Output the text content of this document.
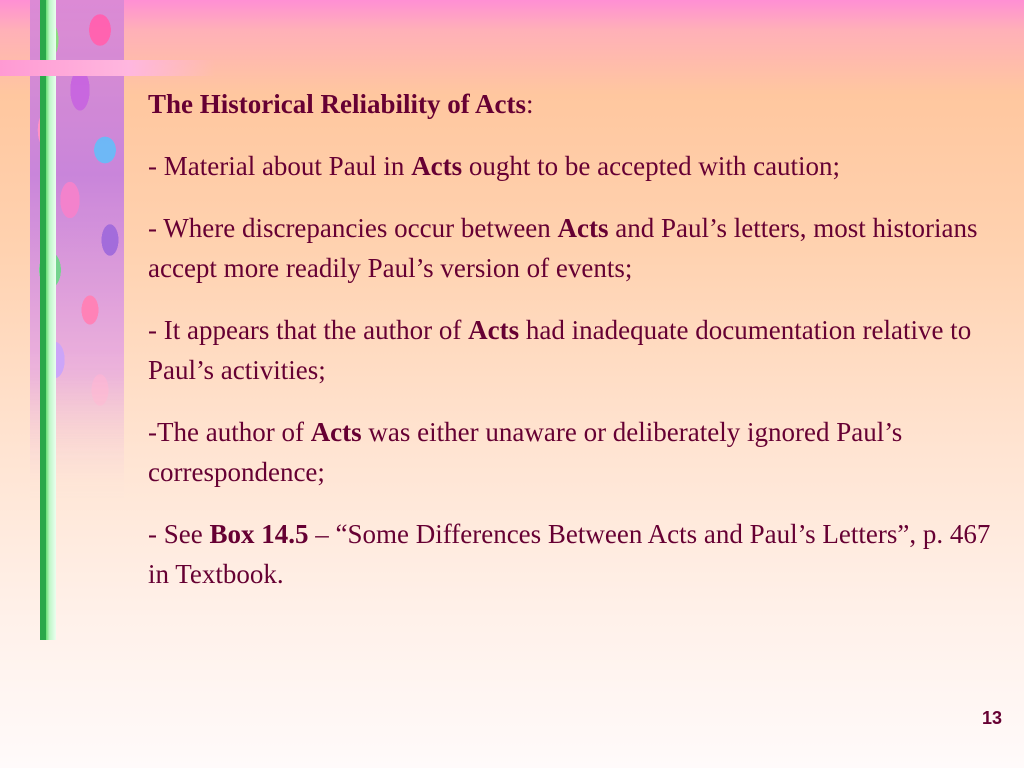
The Historical Reliability of Acts:
- Material about Paul in Acts ought to be accepted with caution;
- Where discrepancies occur between Acts and Paul’s letters, most historians accept more readily Paul’s version of events;
- It appears that the author of Acts had inadequate documentation relative to Paul’s activities;
-The author of Acts was either unaware or deliberately ignored Paul’s correspondence;
- See Box 14.5 – “Some Differences Between Acts and Paul’s Letters”, p. 467 in Textbook.
13
